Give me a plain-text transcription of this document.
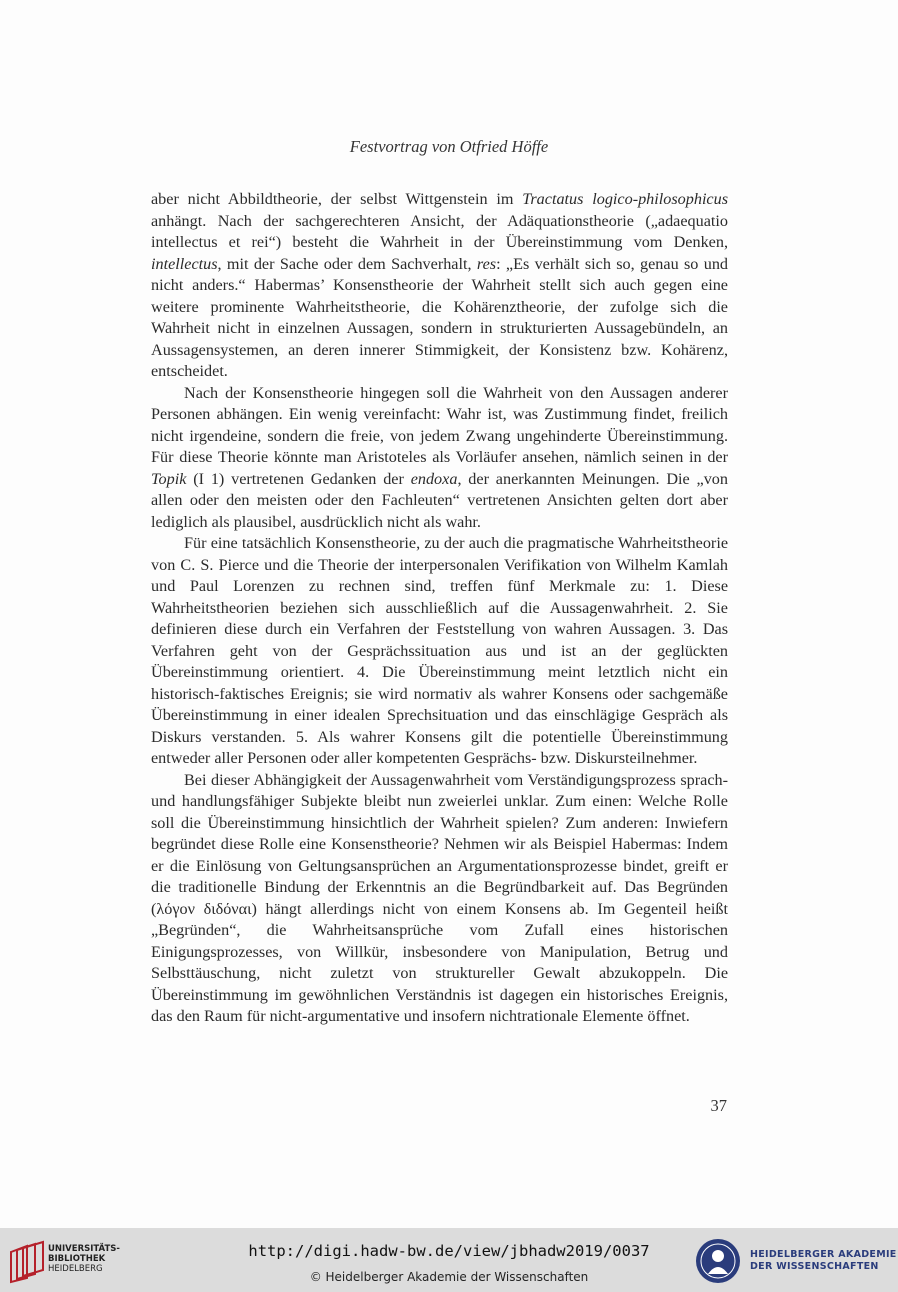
Festvortrag von Otfried Höffe

aber nicht Abbildtheorie, der selbst Wittgenstein im Tractatus logico-philosophicus anhängt. Nach der sachgerechteren Ansicht, der Adäquationstheorie („adaequatio intellectus et rei“) besteht die Wahrheit in der Übereinstimmung vom Denken, intellectus, mit der Sache oder dem Sachverhalt, res: „Es verhält sich so, genau so und nicht anders.“ Habermas’ Konsenstheorie der Wahrheit stellt sich auch gegen eine weitere prominente Wahrheitstheorie, die Kohärenztheorie, der zufolge sich die Wahrheit nicht in einzelnen Aussagen, sondern in strukturierten Aussagebündeln, an Aussagensystemen, an deren innerer Stimmigkeit, der Konsistenz bzw. Kohärenz, entscheidet.

Nach der Konsenstheorie hingegen soll die Wahrheit von den Aussagen anderer Personen abhängen. Ein wenig vereinfacht: Wahr ist, was Zustimmung findet, freilich nicht irgendeine, sondern die freie, von jedem Zwang ungehinderte Übereinstimmung. Für diese Theorie könnte man Aristoteles als Vorläufer ansehen, nämlich seinen in der Topik (I 1) vertretenen Gedanken der endoxa, der anerkannten Meinungen. Die „von allen oder den meisten oder den Fachleuten“ vertretenen Ansichten gelten dort aber lediglich als plausibel, ausdrücklich nicht als wahr.

Für eine tatsächlich Konsenstheorie, zu der auch die pragmatische Wahrheitstheorie von C. S. Pierce und die Theorie der interpersonalen Verifikation von Wilhelm Kamlah und Paul Lorenzen zu rechnen sind, treffen fünf Merkmale zu: 1. Diese Wahrheitstheorien beziehen sich ausschließlich auf die Aussagenwahrheit. 2. Sie definieren diese durch ein Verfahren der Feststellung von wahren Aussagen. 3. Das Verfahren geht von der Gesprächssituation aus und ist an der geglückten Übereinstimmung orientiert. 4. Die Übereinstimmung meint letztlich nicht ein historisch-faktisches Ereignis; sie wird normativ als wahrer Konsens oder sachgemäße Übereinstimmung in einer idealen Sprechsituation und das einschlägige Gespräch als Diskurs verstanden. 5. Als wahrer Konsens gilt die potentielle Übereinstimmung entweder aller Personen oder aller kompetenten Gesprächs- bzw. Diskursteilnehmer.

Bei dieser Abhängigkeit der Aussagenwahrheit vom Verständigungsprozess sprach- und handlungsfähiger Subjekte bleibt nun zweierlei unklar. Zum einen: Welche Rolle soll die Übereinstimmung hinsichtlich der Wahrheit spielen? Zum anderen: Inwiefern begründet diese Rolle eine Konsenstheorie? Nehmen wir als Beispiel Habermas: Indem er die Einlösung von Geltungsansprüchen an Argumentationsprozesse bindet, greift er die traditionelle Bindung der Erkenntnis an die Begründbarkeit auf. Das Begründen (λόγον διδόναι) hängt allerdings nicht von einem Konsens ab. Im Gegenteil heißt „Begründen“, die Wahrheitsansprüche vom Zufall eines historischen Einigungsprozesses, von Willkür, insbesondere von Manipulation, Betrug und Selbsttäuschung, nicht zuletzt von struktureller Gewalt abzukoppeln. Die Übereinstimmung im gewöhnlichen Verständnis ist dagegen ein historisches Ereignis, das den Raum für nicht-argumentative und insofern nichtrationale Elemente öffnet.

37
UNIVERSITÄTS-
BIBLIOTHEK
HEIDELBERG
http://digi.hadw-bw.de/view/jbhadw2019/0037
© Heidelberger Akademie der Wissenschaften
HEIDELBERGER AKADEMIE
DER WISSENSCHAFTEN
